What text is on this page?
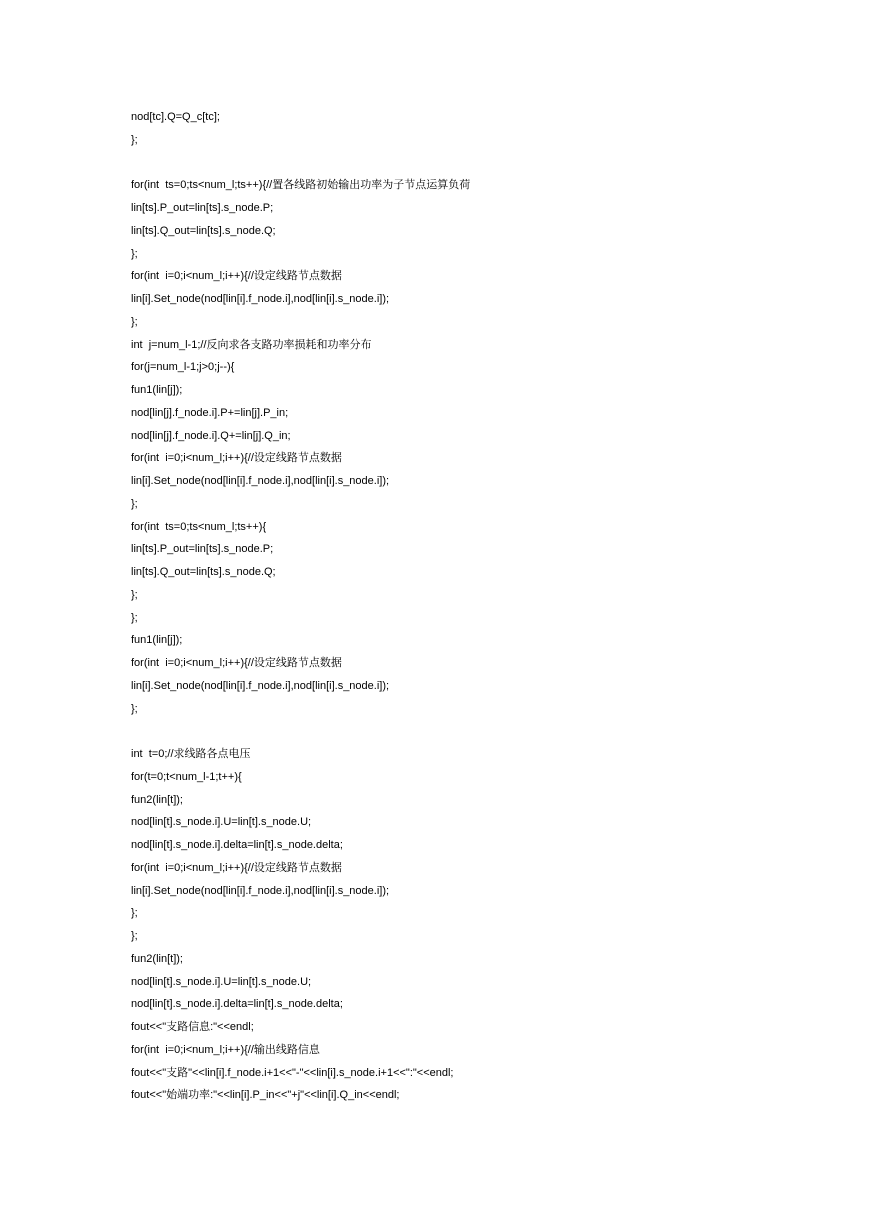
nod[tc].Q=Q_c[tc];
};
for(int  ts=0;ts<num_l;ts++){//置各线路初始输出功率为子节点运算负荷
lin[ts].P_out=lin[ts].s_node.P;
lin[ts].Q_out=lin[ts].s_node.Q;
};
for(int  i=0;i<num_l;i++){//设定线路节点数据
lin[i].Set_node(nod[lin[i].f_node.i],nod[lin[i].s_node.i]);
};
int  j=num_l-1;//反向求各支路功率损耗和功率分布
for(j=num_l-1;j>0;j--){
fun1(lin[j]);
nod[lin[j].f_node.i].P+=lin[j].P_in;
nod[lin[j].f_node.i].Q+=lin[j].Q_in;
for(int  i=0;i<num_l;i++){//设定线路节点数据
lin[i].Set_node(nod[lin[i].f_node.i],nod[lin[i].s_node.i]);
};
for(int  ts=0;ts<num_l;ts++){
lin[ts].P_out=lin[ts].s_node.P;
lin[ts].Q_out=lin[ts].s_node.Q;
};
};
fun1(lin[j]);
for(int  i=0;i<num_l;i++){//设定线路节点数据
lin[i].Set_node(nod[lin[i].f_node.i],nod[lin[i].s_node.i]);
};
int  t=0;//求线路各点电压
for(t=0;t<num_l-1;t++){
fun2(lin[t]);
nod[lin[t].s_node.i].U=lin[t].s_node.U;
nod[lin[t].s_node.i].delta=lin[t].s_node.delta;
for(int  i=0;i<num_l;i++){//设定线路节点数据
lin[i].Set_node(nod[lin[i].f_node.i],nod[lin[i].s_node.i]);
};
};
fun2(lin[t]);
nod[lin[t].s_node.i].U=lin[t].s_node.U;
nod[lin[t].s_node.i].delta=lin[t].s_node.delta;
fout<<"支路信息:"<<endl;
for(int  i=0;i<num_l;i++){//输出线路信息
fout<<"支路"<<lin[i].f_node.i+1<<"-"<<lin[i].s_node.i+1<<":"<<endl;
fout<<"始端功率:"<<lin[i].P_in<<"+j"<<lin[i].Q_in<<endl;
